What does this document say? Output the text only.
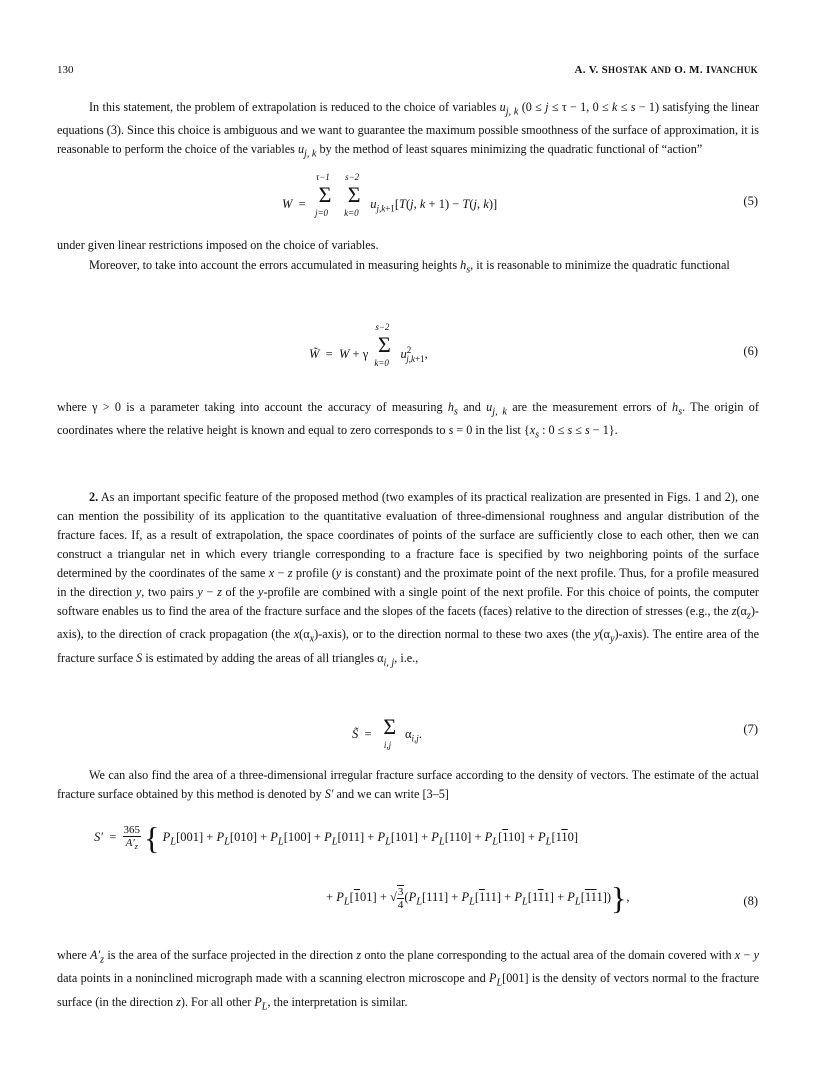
130	A. V. SHOSTAK AND O. M. IVANCHUK
In this statement, the problem of extrapolation is reduced to the choice of variables $u_{j, k}$ (0 ≤ j ≤ τ − 1, 0 ≤ k ≤ s − 1) satisfying the linear equations (3). Since this choice is ambiguous and we want to guarantee the maximum possible smoothness of the surface of approximation, it is reasonable to perform the choice of the variables $u_{j, k}$ by the method of least squares minimizing the quadratic functional of “action”
W  =
τ−1
Σ
j=0

s−2
Σ
k=0
$u_{j,k+1}[T(j$, k + 1) − T(j, k)]	(5)
under given linear restrictions imposed on the choice of variables.
Moreover, to take into account the errors accumulated in measuring heights $h_s$, it is reasonable to minimize the quadratic functional
W̃  =  W + γ
s−2
Σ
k=0
$u^2_{j,k+1}$,	(6)
where γ > 0 is a parameter taking into account the accuracy of measuring $h_s$ and $u_{j, k}$ are the measurement errors of $h_s$. The origin of coordinates where the relative height is known and equal to zero corresponds to s = 0 in the list {$x_s$ : 0 ≤ s ≤ s − 1}.
2. As an important specific feature of the proposed method (two examples of its practical realization are presented in Figs. 1 and 2), one can mention the possibility of its application to the quantitative evaluation of three-dimensional roughness and angular distribution of the fracture faces. If, as a result of extrapolation, the space coordinates of points of the surface are sufficiently close to each other, then we can construct a triangular net in which every triangle corresponding to a fracture face is specified by two neighboring points of the surface determined by the coordinates of the same x − z profile (y is constant) and the proximate point of the next profile. Thus, for a profile measured in the direction y, two pairs y − z of the y-profile are combined with a single point of the next profile. For this choice of points, the computer software enables us to find the area of the fracture surface and the slopes of the facets (faces) relative to the direction of stresses (e.g., the $z(\alpha_z)-axis$), to the direction of crack propagation (the $x(\alpha_x)-axis$), or to the direction normal to these two axes (the $y(\alpha_y)-axis$). The entire area of the fracture surface S is estimated by adding the areas of all triangles $\alpha_{i, j}$, i.e.,
S̃  =  Σ
i,j
$\alpha_{i,j}$.	(7)
We can also find the area of a three-dimensional irregular fracture surface according to the density of vectors. The estimate of the actual fracture surface obtained by this method is denoted by S′ and we can write [3–5]
$S' = \frac{365}{A'_z}$ { $P_L[001] + P_L[010] + P_L[100] + P_L[011] + P_L[101] + P_L[110] + P_L[110] + P_L[110]$
+ $P_L[101]$ + √ $\frac{3}{4} (P_L[111] + P_L[111] + P_L[111] + P_L[111])$},	(8)
where $A'_z$ is the area of the surface projected in the direction z onto the plane corresponding to the actual area of the domain covered with x − y data points in a noninclined micrograph made with a scanning electron microscope and $P_L[001]$ is the density of vectors normal to the fracture surface (in the direction z). For all other $P_L$, the interpretation is similar.
